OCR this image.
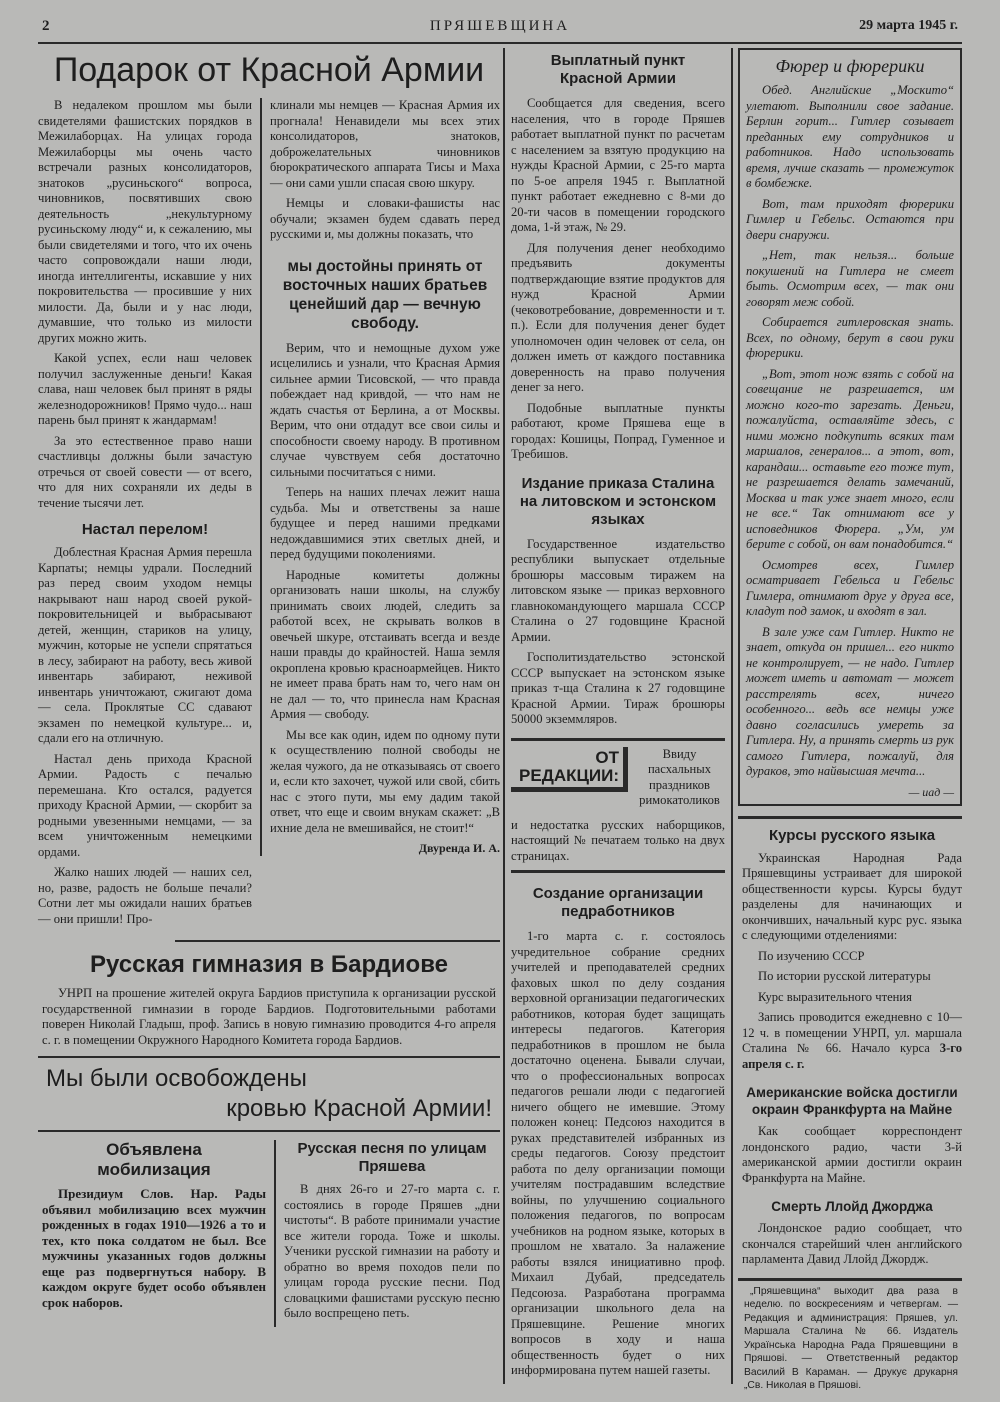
2	ПРЯШЕВЩИНА	29 марта 1945 г.
Подарок от Красной Армии

В недалеком прошлом мы были свидетелями фашистских порядков в Межилаборцах. На улицах города Межилаборцы мы очень часто встречали разных консолидаторов, знатоков „русиньского“ вопроса, чиновников, посвятивших свою деятельность „некультурному русиньскому люду“ и, к сежалению, мы были свидетелями и того, что их очень часто сопровождали наши люди, иногда интеллигенты, искавшие у них покровительства — просившие у них милости. Да, были и у нас люди, думавшие, что только из милости других можно жить.

Какой успех, если наш человек получил заслуженные деньги! Какая слава, наш человек был принят в ряды железнодорожников! Прямо чудо... наш парень был принят к жандармам!

За это естественное право наши счастливцы должны были зачастую отречься от своей совести — от всего, что для них сохраняли их деды в течение тысячи лет.

Настал перелом!

Доблестная Красная Армия перешла Карпаты; немцы удрали. Последний раз перед своим уходом немцы накрывают наш народ своей рукой-покровительницей и выбрасывают детей, женщин, стариков на улицу, мужчин, которые не успели спрятаться в лесу, забирают на работу, весь живой инвентарь забирают, неживой инвентарь уничтожают, сжигают дома — села. Проклятые СС сдавают экзамен по немецкой культуре... и, сдали его на отличную.

Настал день прихода Красной Армии. Радость с печалью перемешана. Кто остался, радуется приходу Красной Армии, — скорбит за родными увезенными немцами, — за всем уничтоженным немецкими ордами.

Жалко наших людей — наших сел, но, разве, радость не больше печали? Сотни лет мы ожидали наших братьев — они пришли! Про-

клинали мы немцев — Красная Армия их прогнала! Ненавидели мы всех этих консолидаторов, знатоков, доброжелательных чиновников бюрократического аппарата Тисы и Маха — они сами ушли спасая свою шкуру.

Немцы и словаки-фашисты нас обучали; экзамен будем сдавать перед русскими и, мы должны показать, что

мы достойны принять от восточных наших братьев ценейший дар — вечную свободу.

Верим, что и немощные духом уже исцелились и узнали, что Красная Армия сильнее армии Тисовской, — что правда побеждает над кривдой, — что нам не ждать счастья от Берлина, а от Москвы. Верим, что они отдадут все свои силы и способности своему народу. В противном случае чувствуем себя достаточно сильными посчитаться с ними.

Теперь на наших плечах лежит наша судьба. Мы и ответствены за наше будущее и перед нашими предками недождавшимися этих светлых дней, и перед будущими поколениями.

Народные комитеты должны организовать наши школы, на службу принимать своих людей, следить за работой всех, не скрывать волков в овечьей шкуре, отстаивать всегда и везде наши правды до крайностей. Наша земля окроплена кровью красноармейцев. Никто не имеет права брать нам то, чего нам он не дал — то, что принесла нам Красная Армия — свободу.

Мы все как один, идем по одному пути к осуществлению полной свободы не желая чужого, да не отказываясь от своего и, если кто захочет, чужой или свой, сбить нас с этого пути, мы ему дадим такой ответ, что еще и своим внукам скажет: „В ихние дела не вмешивайся, не стоит!“

Двуренда И. А.
Русская гимназия в Бардиове

УНРП на прошение жителей округа Бардиов приступила к организации русской государственной гимназии в городе Бардиов. Подготовительными работами поверен Николай Гладыш, проф. Запись в новую гимназию проводится 4-го апреля с. г. в помещении Окружного Народного Комитета города Бардиов.

Мы были освобождены
кровью Красной Армии!
Объявлена мобилизация

Президиум Слов. Нар. Рады объявил мобилизацию всех мужчин рожденных в годах 1910—1926 а то и тех, кто пока солдатом не был. Все мужчины указанных годов должны еще раз подвергнуться набору. В каждом округе будет особо объявлен срок наборов.

Русская песня по улицам Пряшева

В днях 26-го и 27-го марта с. г. состоялись в городе Пряшев „дни чистоты“. В работе принимали участие все жители города. Тоже и школы. Ученики русской гимназии на работу и обратно во время походов пели по улицам города русские песни. Под словацкими фашистами русскую песню было воспрещено петь.

Выплатный пункт Красной Армии

Сообщается для сведения, всего населения, что в городе Пряшев работает выплатной пункт по расчетам с населением за взятую продукцию на нужды Красной Армии, с 25-го марта по 5-ое апреля 1945 г. Выплатной пункт работает ежедневно с 8-ми до 20-ти часов в помещении городского дома, 1-й этаж, № 29.

Для получения денег необходимо предъявить документы подтверждающие взятие продуктов для нужд Красной Армии (чековотребование, довременности и т. п.). Если для получения денег будет уполномочен один человек от села, он должен иметь от каждого поставника доверенность на право получения денег за него.

Подобные выплатные пункты работают, кроме Пряшева еще в городах: Кошицы, Попрад, Гуменное и Требишов.

Издание приказа Сталина на литовском и эстонском языках

Государственное издательство республики выпускает отдельные брошюры массовым тиражем на литовском языке — приказ верховного главнокомандующего маршала СССР Сталина о 27 годовщине Красной Армии.

Госполитиздательство эстонской СССР выпускает на эстонском языке приказ т-ща Сталина к 27 годовщине Красной Армии. Тираж брошюры 50000 экземмляров.

ОТ
РЕДАКЦИИ:

Ввиду пасхальных праздников римокатоликов

и недостатка русских наборщиков, настоящий № печатаем только на двух страницах.

Создание организации педработников

1-го марта с. г. состоялось учредительное собрание средних учителей и преподавателей средних фаховых школ по делу создания верховной организации педагогических работников, которая будет защищать интересы педагогов. Категория педработников в прошлом не была достаточно оценена. Бывали случаи, что о профессиональных вопросах педагогов решали люди с педагогией ничего общего не имевшие. Этому положен конец: Педсоюз находится в руках представителей избранных из среды педагогов. Союзу предстоит работа по делу организации помощи учителям пострадавшим вследствие войны, по улучшению социального положения педагогов, по вопросам учебников на родном языке, которых в прошлом не хватало. За налажение работы взялся инициативно проф. Михаил Дубай, председатель Педсоюза. Разработана программа организации школьного дела на Пряшевщине. Решение многих вопросов в ходу и наша общественность будет о них информирована путем нашей газеты.

Фюрер и фюрерики

Обед. Английские „Москито“ улетают. Выполнили свое задание. Берлин горит... Гитлер созывает преданных ему сотрудников и работников. Надо использовать время, лучше сказать — промежуток в бомбежке.

Вот, там приходят фюрерики Гимлер и Гебельс. Остаются при двери снаружи.

„Нет, так нельзя... больше покушений на Гитлера не смеет быть. Осмотрим всех, — так они говорят меж собой.

Собирается гитлеровская знать. Всех, по одному, берут в свои руки фюрерики.

„Вот, этот нож взять с собой на совещание не разрешается, им можно кого-то зарезать. Деньги, пожалуйста, оставляйте здесь, с ними можно подкупить всяких там маршалов, генералов... а этот, вот, карандаш... оставьте его тоже тут, не разрешается делать замечаний, Москва и так уже знает много, если не все.“ Так отнимают все у исповедников Фюрера. „Ум, ум берите с собой, он вам понадобится.“

Осмотрев всех, Гимлер осматривает Гебельса и Гебельс Гимлера, отнимают друг у друга все, кладут под замок, и входят в зал.

В зале уже сам Гитлер. Никто не знает, откуда он пришел... его никто не контролирует, — не надо. Гитлер может иметь и автомат — может расстрелять всех, ничего особенного... ведь все немцы уже давно согласились умереть за Гитлера. Ну, а принять смерть из рук самого Гитлера, пожалуй, для дураков, это найвысшая мечта...

— иад —
Курсы русского языка

Украинская Народная Рада Пряшевщины устраивает для широкой общественности курсы. Курсы будут разделены для начинающих и окончивших, начальный курс рус. языка с следующими отделениями:

По изучению СССР

По истории русской литературы

Курс выразительного чтения

Запись проводится ежедневно с 10—12 ч. в помещении УНРП, ул. маршала Сталина № 66. Начало курса 3-го апреля с. г.

Американские войска достигли окраин Франкфурта на Майне

Как сообщает корреспондент лондонского радио, части 3-й американской армии достигли окраин Франкфурта на Майне.

Смерть Ллойд Джорджа

Лондонское радио сообщает, что скончался старейший член английского парламента Давид Ллойд Джордж.

„Пряшевщина“ выходит два раза в неделю. по воскресениям и четвергам. — Редакция и администрация: Пряшев, ул. Маршала Сталина № 66. Издатель Українська Народна Рада Пряшевщини в Пряшові. — Ответственный редактор Василий В Караман. — Друкує друкарня „Св. Николая в Пряшові.
